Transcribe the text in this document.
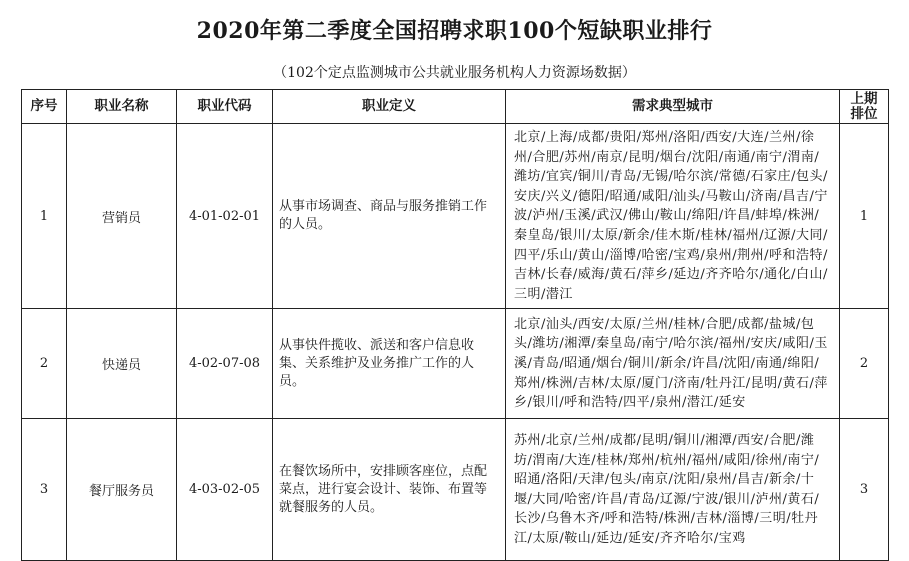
2020年第二季度全国招聘求职100个短缺职业排行
（102个定点监测城市公共就业服务机构人力资源场数据）
序号	职业名称	职业代码	职业定义	需求典型城市	上期排位
1	营销员	4-01-02-01	从事市场调查、商品与服务推销工作的人员。	北京/上海/成都/贵阳/郑州/洛阳/西安/大连/兰州/徐州/合肥/苏州/南京/昆明/烟台/沈阳/南通/南宁/渭南/潍坊/宜宾/铜川/青岛/无锡/哈尔滨/常德/石家庄/包头/安庆/兴义/德阳/昭通/咸阳/汕头/马鞍山/济南/昌吉/宁波/泸州/玉溪/武汉/佛山/鞍山/绵阳/许昌/蚌埠/株洲/秦皇岛/银川/太原/新余/佳木斯/桂林/福州/辽源/大同/四平/乐山/黄山/淄博/哈密/宝鸡/泉州/荆州/呼和浩特/吉林/长春/威海/黄石/萍乡/延边/齐齐哈尔/通化/白山/三明/潜江	1
2	快递员	4-02-07-08	从事快件揽收、派送和客户信息收集、关系维护及业务推广工作的人员。	北京/汕头/西安/太原/兰州/桂林/合肥/成都/盐城/包头/潍坊/湘潭/秦皇岛/南宁/哈尔滨/福州/安庆/咸阳/玉溪/青岛/昭通/烟台/铜川/新余/许昌/沈阳/南通/绵阳/郑州/株洲/吉林/太原/厦门/济南/牡丹江/昆明/黄石/萍乡/银川/呼和浩特/四平/泉州/潜江/延安	2
3	餐厅服务员	4-03-02-05	在餐饮场所中，安排顾客座位，点配菜点，进行宴会设计、装饰、布置等就餐服务的人员。	苏州/北京/兰州/成都/昆明/铜川/湘潭/西安/合肥/潍坊/渭南/大连/桂林/郑州/杭州/福州/咸阳/徐州/南宁/昭通/洛阳/天津/包头/南京/沈阳/泉州/昌吉/新余/十堰/大同/哈密/许昌/青岛/辽源/宁波/银川/泸州/黄石/长沙/乌鲁木齐/呼和浩特/株洲/吉林/淄博/三明/牡丹江/太原/鞍山/延边/延安/齐齐哈尔/宝鸡	3
